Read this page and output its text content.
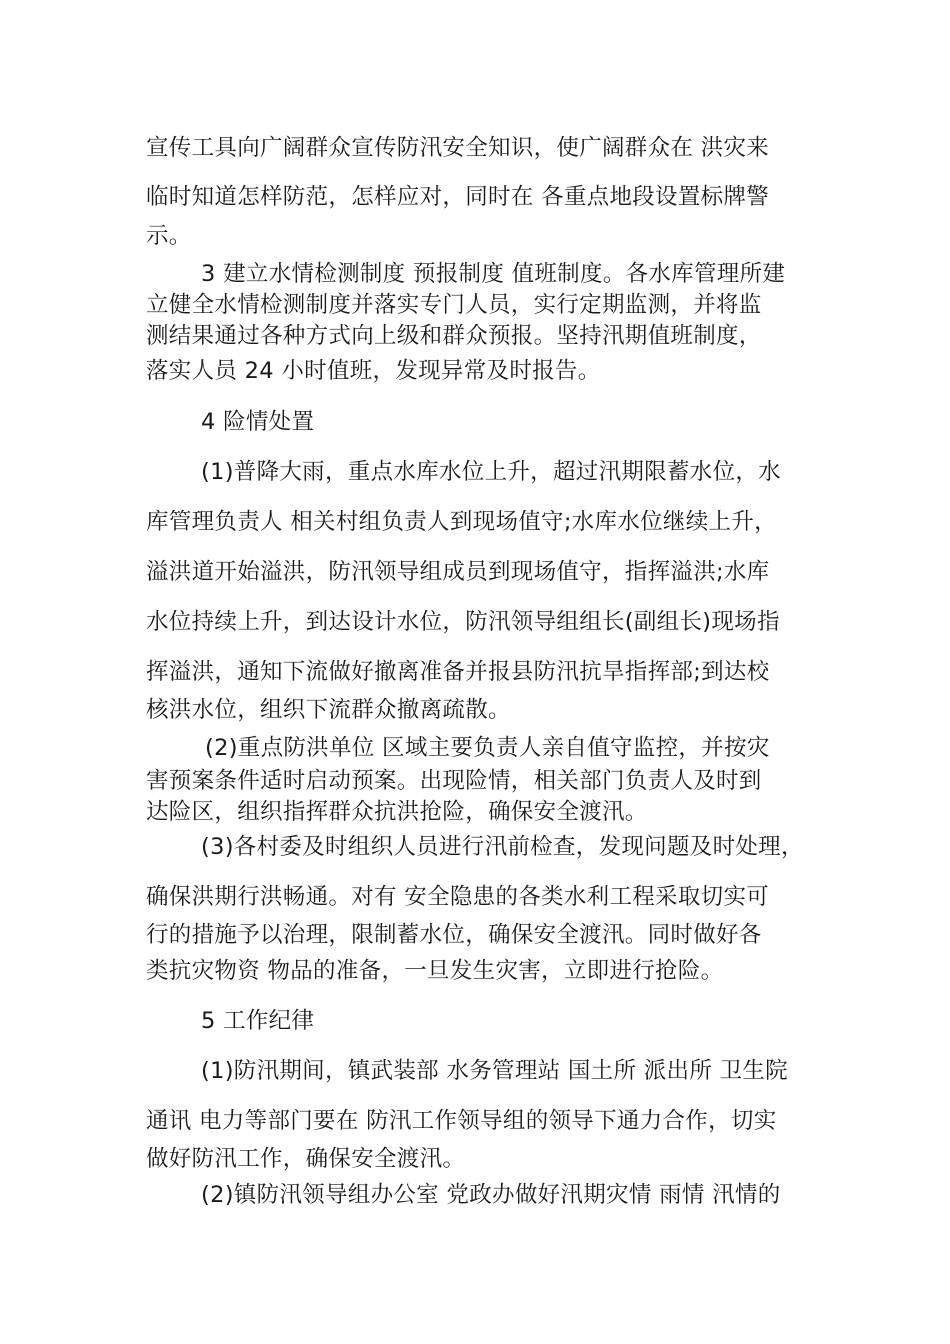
宣传工具向广阔群众宣传防汛安全知识，使广阔群众在 洪灾来
临时知道怎样防范，怎样应对，同时在 各重点地段设置标牌警
示。
3 建立水情检测制度 预报制度 值班制度。各水库管理所建
立健全水情检测制度并落实专门人员，实行定期监测，并将监
测结果通过各种方式向上级和群众预报。坚持汛期值班制度，
落实人员 24 小时值班，发现异常及时报告。
4 险情处置
(1)普降大雨，重点水库水位上升，超过汛期限蓄水位，水
库管理负责人 相关村组负责人到现场值守;水库水位继续上升，
溢洪道开始溢洪，防汛领导组成员到现场值守，指挥溢洪;水库
水位持续上升，到达设计水位，防汛领导组组长(副组长)现场指
挥溢洪，通知下流做好撤离准备并报县防汛抗旱指挥部;到达校
核洪水位，组织下流群众撤离疏散。
(2)重点防洪单位 区域主要负责人亲自值守监控，并按灾
害预案条件适时启动预案。出现险情，相关部门负责人及时到
达险区，组织指挥群众抗洪抢险，确保安全渡汛。
(3)各村委及时组织人员进行汛前检查，发现问题及时处理，
确保洪期行洪畅通。对有 安全隐患的各类水利工程采取切实可
行的措施予以治理，限制蓄水位，确保安全渡汛。同时做好各
类抗灾物资 物品的准备，一旦发生灾害，立即进行抢险。
5 工作纪律
(1)防汛期间，镇武装部 水务管理站 国土所 派出所 卫生院
通讯 电力等部门要在 防汛工作领导组的领导下通力合作，切实
做好防汛工作，确保安全渡汛。
(2)镇防汛领导组办公室 党政办做好汛期灾情 雨情 汛情的
